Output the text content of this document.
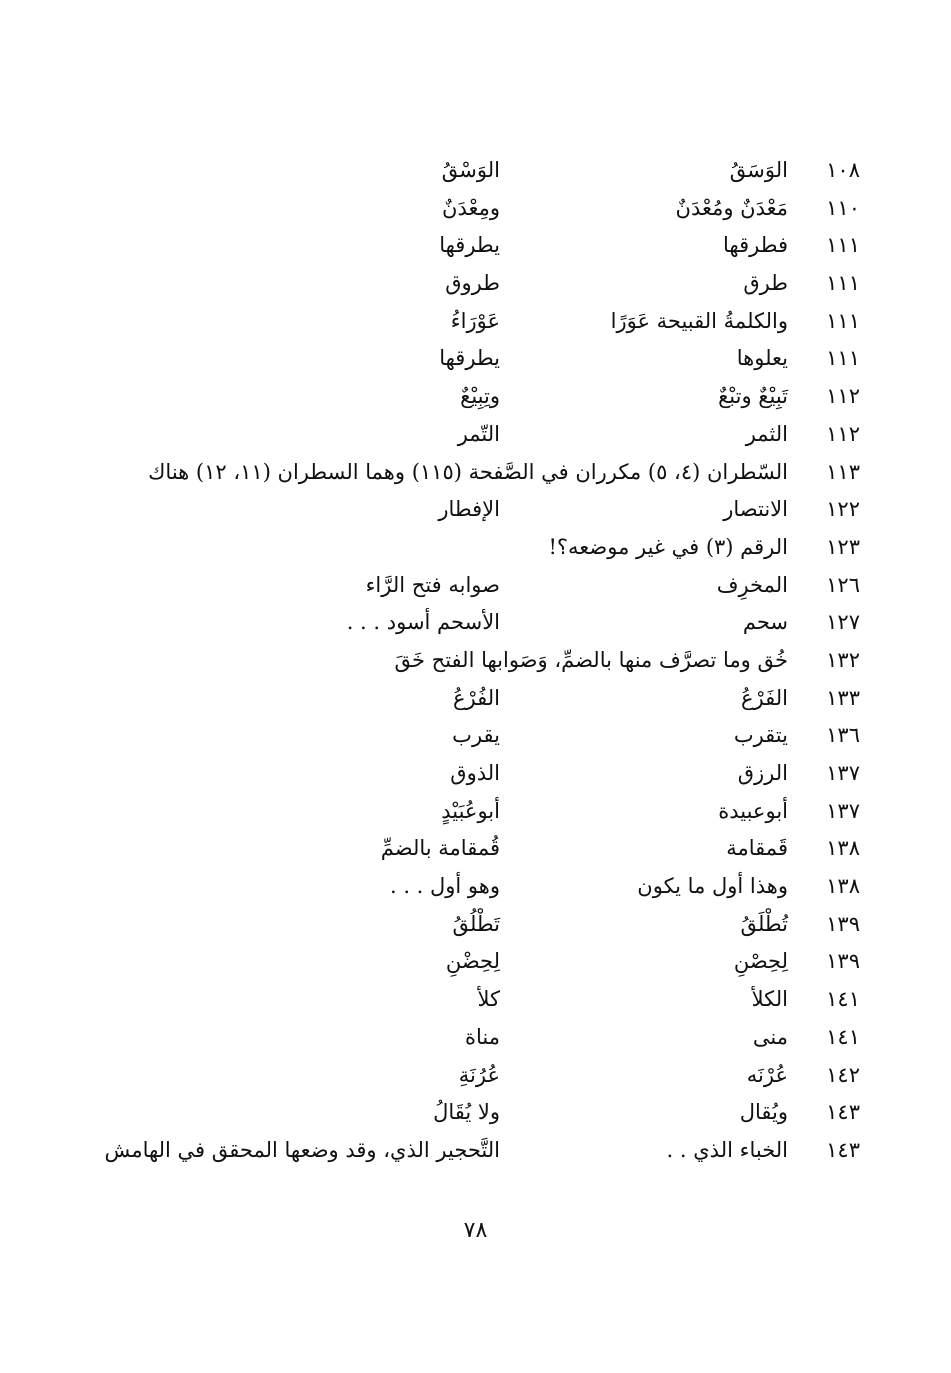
١٠٨
الوَسَقُ
الوَسْقُ
١١٠
مَعْدَنٌ ومُعْدَنٌ
ومِعْدَنٌ
١١١
فطرقها
يطرقها
١١١
طرق
طروق
١١١
والكلمةُ القبيحة عَوَرًا
عَوْرَاءُ
١١١
يعلوها
يطرقها
١١٢
تَبِيْعٌ وتبْعٌ
وتِبِيْعٌ
١١٢
الثمر
التّمر
١١٣
السّطران (٤، ٥) مكرران في الصَّفحة (١١٥) وهما السطران (١١، ١٢) هناك
١٢٢
الانتصار
الإفطار
١٢٣
الرقم (٣) في غير موضعه؟!
١٢٦
المخرِف
صوابه فتح الرَّاء
١٢٧
سحم
الأسحم أسود . . .
١٣٢
خُق وما تصرَّف منها بالضمِّ، وَصَوابها الفتح خَقَ
١٣٣
الفَرْعُ
الفُرْعُ
١٣٦
يتقرب
يقرب
١٣٧
الرزق
الذوق
١٣٧
أبوعبيدة
أبوعُبَيْدٍ
١٣٨
قَمقامة
قُمقامة بالضمِّ
١٣٨
وهذا أول ما يكون
وهو أول . . .
١٣٩
تُطْلَقُ
تَطْلُقُ
١٣٩
لِحِصْنِ
لِحِضْنِ
١٤١
الكلأ
كلأ
١٤١
منى
مناة
١٤٢
عُرْنَه
عُرُنَةِ
١٤٣
ويُقال
ولا يُقَالُ
١٤٣
الخباء الذي . .
التَّحجير الذي، وقد وضعها المحقق في الهامش
٧٨
